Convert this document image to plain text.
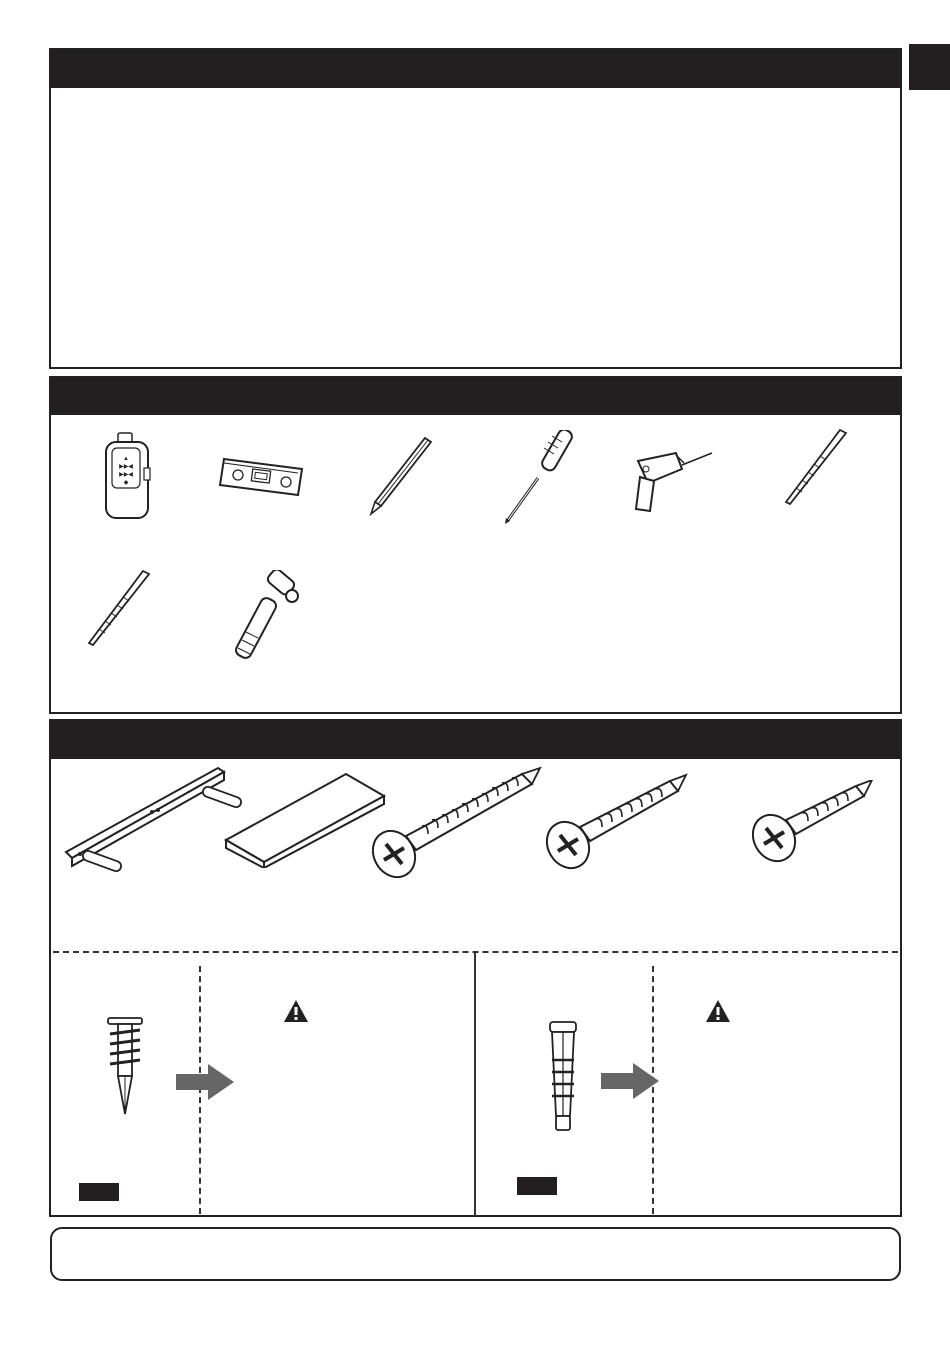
▲
▶▶◀
▶▶◀
◆
